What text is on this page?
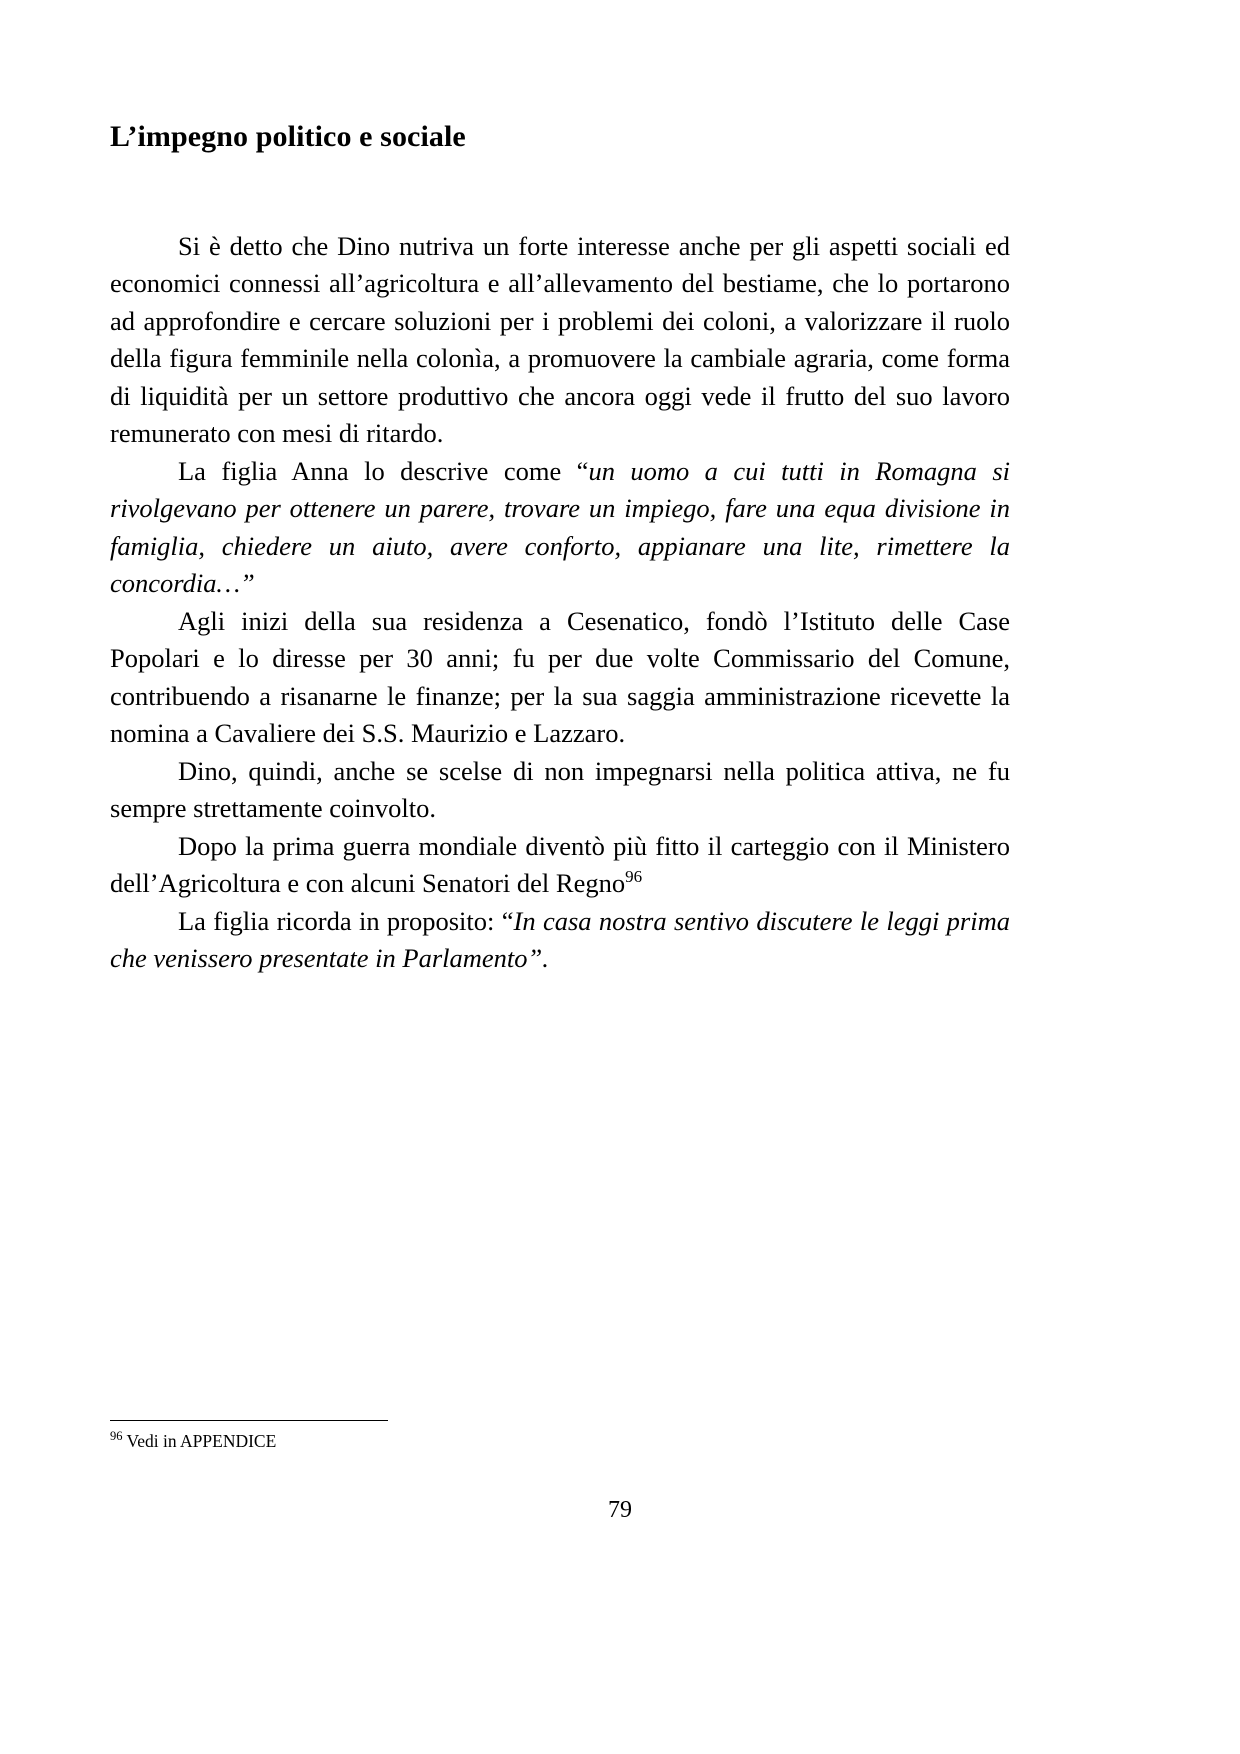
L’impegno politico e sociale

Si è detto che Dino nutriva un forte interesse anche per gli aspetti sociali ed economici connessi all’agricoltura e all’allevamento del bestiame, che lo portarono ad approfondire e cercare soluzioni per i problemi dei coloni, a valorizzare il ruolo della figura femminile nella colonìa, a promuovere la cambiale agraria, come forma di liquidità per un settore produttivo che ancora oggi vede il frutto del suo lavoro remunerato con mesi di ritardo.

La figlia Anna lo descrive come “un uomo a cui tutti in Romagna si rivolgevano per ottenere un parere, trovare un impiego, fare una equa divisione in famiglia, chiedere un aiuto, avere conforto, appianare una lite, rimettere la concordia…”

Agli inizi della sua residenza a Cesenatico, fondò l’Istituto delle Case Popolari e lo diresse per 30 anni; fu per due volte Commissario del Comune, contribuendo a risanarne le finanze; per la sua saggia amministrazione ricevette la nomina a Cavaliere dei S.S. Maurizio e Lazzaro.

Dino, quindi, anche se scelse di non impegnarsi nella politica attiva, ne fu sempre strettamente coinvolto.

Dopo la prima guerra mondiale diventò più fitto il carteggio con il Ministero dell’Agricoltura e con alcuni Senatori del Regno$^{96}$

La figlia ricorda in proposito: “In casa nostra sentivo discutere le leggi prima che venissero presentate in Parlamento”.

$^{96}$ Vedi in APPENDICE

79
